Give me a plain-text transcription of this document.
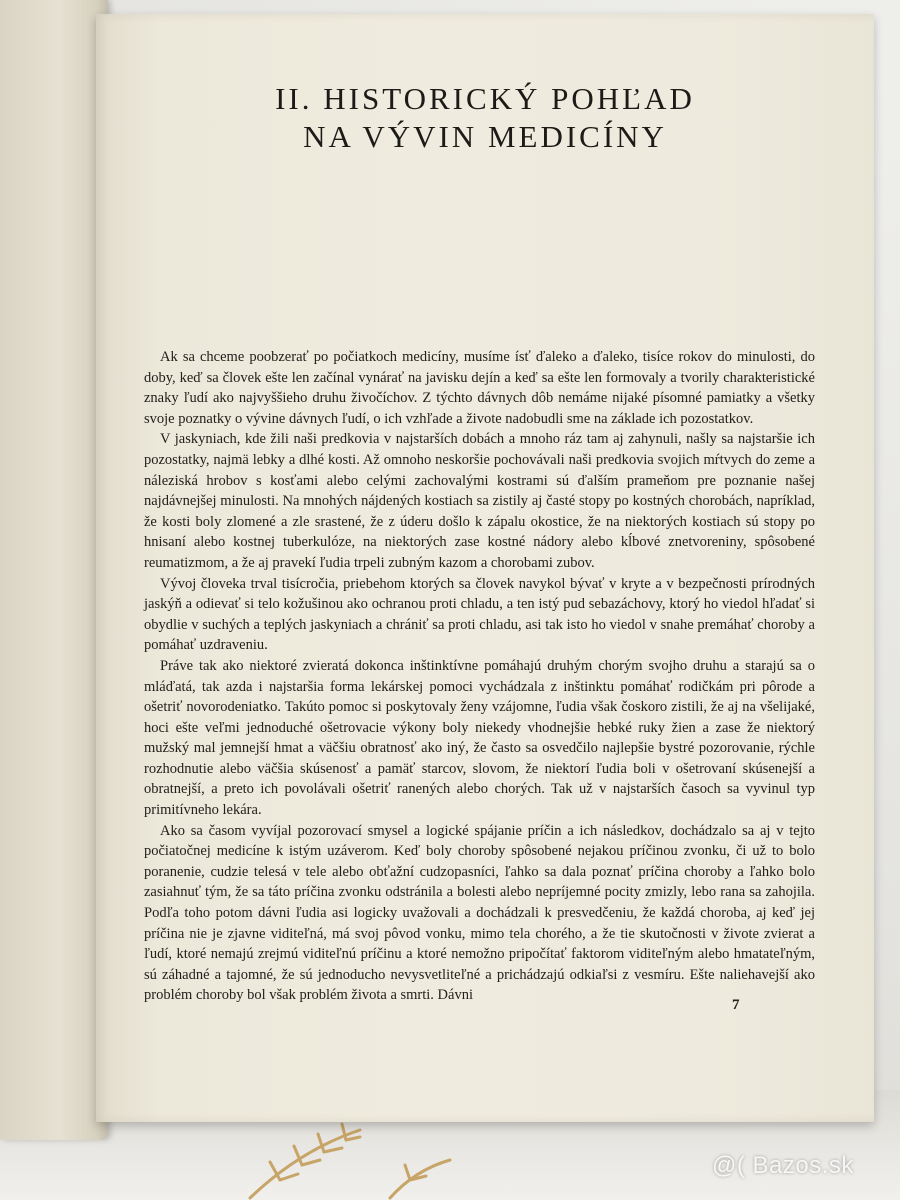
II. HISTORICKÝ POHĽAD
NA VÝVIN MEDICÍNY

Ak sa chceme poobzerať po počiatkoch medicíny, musíme ísť ďaleko a ďaleko, tisíce rokov do minulosti, do doby, keď sa človek ešte len začínal vynárať na javisku dejín a keď sa ešte len formovaly a tvorily charakteristické znaky ľudí ako najvyššieho druhu živočíchov. Z týchto dávnych dôb nemáme nijaké písomné pamiatky a všetky svoje poznatky o vývine dávnych ľudí, o ich vzhľade a živote nadobudli sme na základe ich pozostatkov.

V jaskyniach, kde žili naši predkovia v najstarších dobách a mnoho ráz tam aj zahynuli, našly sa najstaršie ich pozostatky, najmä lebky a dlhé kosti. Až omnoho neskoršie pochovávali naši predkovia svojich mŕtvych do zeme a náleziská hrobov s kosťami alebo celými zachovalými kostrami sú ďalším prameňom pre poznanie našej najdávnejšej minulosti. Na mnohých nájdených kostiach sa zistily aj časté stopy po kostných chorobách, napríklad, že kosti boly zlomené a zle srastené, že z úderu došlo k zápalu okostice, že na niektorých kostiach sú stopy po hnisaní alebo kostnej tuberkulóze, na niektorých zase kostné nádory alebo kĺbové znetvoreniny, spôsobené reumatizmom, a že aj pravekí ľudia trpeli zubným kazom a chorobami zubov.

Vývoj človeka trval tisícročia, priebehom ktorých sa človek navykol bývať v kryte a v bezpečnosti prírodných jaskýň a odievať si telo kožušinou ako ochranou proti chladu, a ten istý pud sebazáchovy, ktorý ho viedol hľadať si obydlie v suchých a teplých jaskyniach a chrániť sa proti chladu, asi tak isto ho viedol v snahe premáhať choroby a pomáhať uzdraveniu.

Práve tak ako niektoré zvieratá dokonca inštinktívne pomáhajú druhým chorým svojho druhu a starajú sa o mláďatá, tak azda i najstaršia forma lekárskej pomoci vychádzala z inštinktu pomáhať rodičkám pri pôrode a ošetriť novorodeniatko. Takúto pomoc si poskytovaly ženy vzájomne, ľudia však čoskoro zistili, že aj na všelijaké, hoci ešte veľmi jednoduché ošetrovacie výkony boly niekedy vhodnejšie hebké ruky žien a zase že niektorý mužský mal jemnejší hmat a väčšiu obratnosť ako iný, že často sa osvedčilo najlepšie bystré pozorovanie, rýchle rozhodnutie alebo väčšia skúsenosť a pamäť starcov, slovom, že niektorí ľudia boli v ošetrovaní skúsenejší a obratnejší, a preto ich povolávali ošetriť ranených alebo chorých. Tak už v najstarších časoch sa vyvinul typ primitívneho lekára.

Ako sa časom vyvíjal pozorovací smysel a logické spájanie príčin a ich následkov, dochádzalo sa aj v tejto počiatočnej medicíne k istým uzáverom. Keď boly choroby spôsobené nejakou príčinou zvonku, či už to bolo poranenie, cudzie telesá v tele alebo obťažní cudzopasníci, ľahko sa dala poznať príčina choroby a ľahko bolo zasiahnuť tým, že sa táto príčina zvonku odstránila a bolesti alebo nepríjemné pocity zmizly, lebo rana sa zahojila. Podľa toho potom dávni ľudia asi logicky uvažovali a dochádzali k presvedčeniu, že každá choroba, aj keď jej príčina nie je zjavne viditeľná, má svoj pôvod vonku, mimo tela chorého, a že tie skutočnosti v živote zvierat a ľudí, ktoré nemajú zrejmú viditeľnú príčinu a ktoré nemožno pripočítať faktorom viditeľným alebo hmatateľným, sú záhadné a tajomné, že sú jednoducho nevysvetliteľné a prichádzajú odkiaľsi z vesmíru. Ešte naliehavejší ako problém choroby bol však problém života a smrti. Dávni

7
@( Bazos.sk
